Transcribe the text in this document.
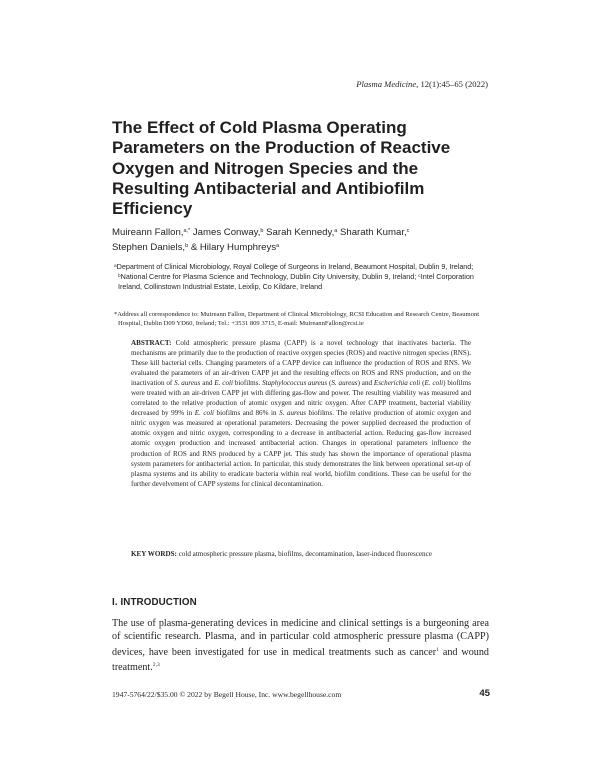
Plasma Medicine, 12(1):45–65 (2022)
The Effect of Cold Plasma Operating Parameters on the Production of Reactive Oxygen and Nitrogen Species and the Resulting Antibacterial and Antibiofilm Efficiency
Muireann Fallon,$^{a,*}$ James Conway,$^b$ Sarah Kennedy,$^a$ Sharath Kumar,$^c$
Stephen Daniels,$^b$ & Hilary Humphreys$^a$

$^a$Department of Clinical Microbiology, Royal College of Surgeons in Ireland, Beaumont Hospital, Dublin 9, Ireland; $^b$National Centre for Plasma Science and Technology, Dublin City University, Dublin 9, Ireland; $^c$Intel Corporation Ireland, Collinstown Industrial Estate, Leixlip, Co Kildare, Ireland

*Address all correspondence to: Muireann Fallon, Department of Clinical Microbiology, RCSI Education and Research Centre, Beaumont Hospital, Dublin D09 YD60, Ireland; Tel.: +3531 809 3715, E-mail: MuireannFallon@rcsi.ie

ABSTRACT: Cold atmospheric pressure plasma (CAPP) is a novel technology that inactivates bacteria. The mechanisms are primarily due to the production of reactive oxygen species (ROS) and reactive nitrogen species (RNS). These kill bacterial cells. Changing parameters of a CAPP device can influence the production of ROS and RNS. We evaluated the parameters of an air-driven CAPP jet and the resulting effects on ROS and RNS production, and on the inactivation of S. aureus and E. coli biofilms. Staphylococcus aureus (S. aureus) and Escherichia coli (E. coli) biofilms were treated with an air-driven CAPP jet with differing gas-flow and power. The resulting viability was measured and correlated to the relative production of atomic oxygen and nitric oxygen. After CAPP treatment, bacterial viability decreased by 99% in E. coli biofilms and 86% in S. aureus biofilms. The relative production of atomic oxygen and nitric oxygen was measured at operational parameters. Decreasing the power supplied decreased the production of atomic oxygen and nitric oxygen, corresponding to a decrease in antibacterial action. Reducing gas-flow increased atomic oxygen production and increased antibacterial action. Changes in operational parameters influence the production of ROS and RNS produced by a CAPP jet. This study has shown the importance of operational plasma system parameters for antibacterial action. In particular, this study demonstrates the link between operational set-up of plasma systems and its ability to eradicate bacteria within real world, biofilm conditions. These can be useful for the further develvement of CAPP systems for clinical decontamination.

KEY WORDS: cold atmospheric pressure plasma, biofilms, decontamination, laser-induced fluorescence

I. INTRODUCTION

The use of plasma-generating devices in medicine and clinical settings is a burgeoning area of scientific research. Plasma, and in particular cold atmospheric pressure plasma (CAPP) devices, have been investigated for use in medical treatments such as cancer$^1$ and wound treatment.$^{2,3}$

1947-5764/22/$35.00 © 2022 by Begell House, Inc. www.begellhouse.com	45
